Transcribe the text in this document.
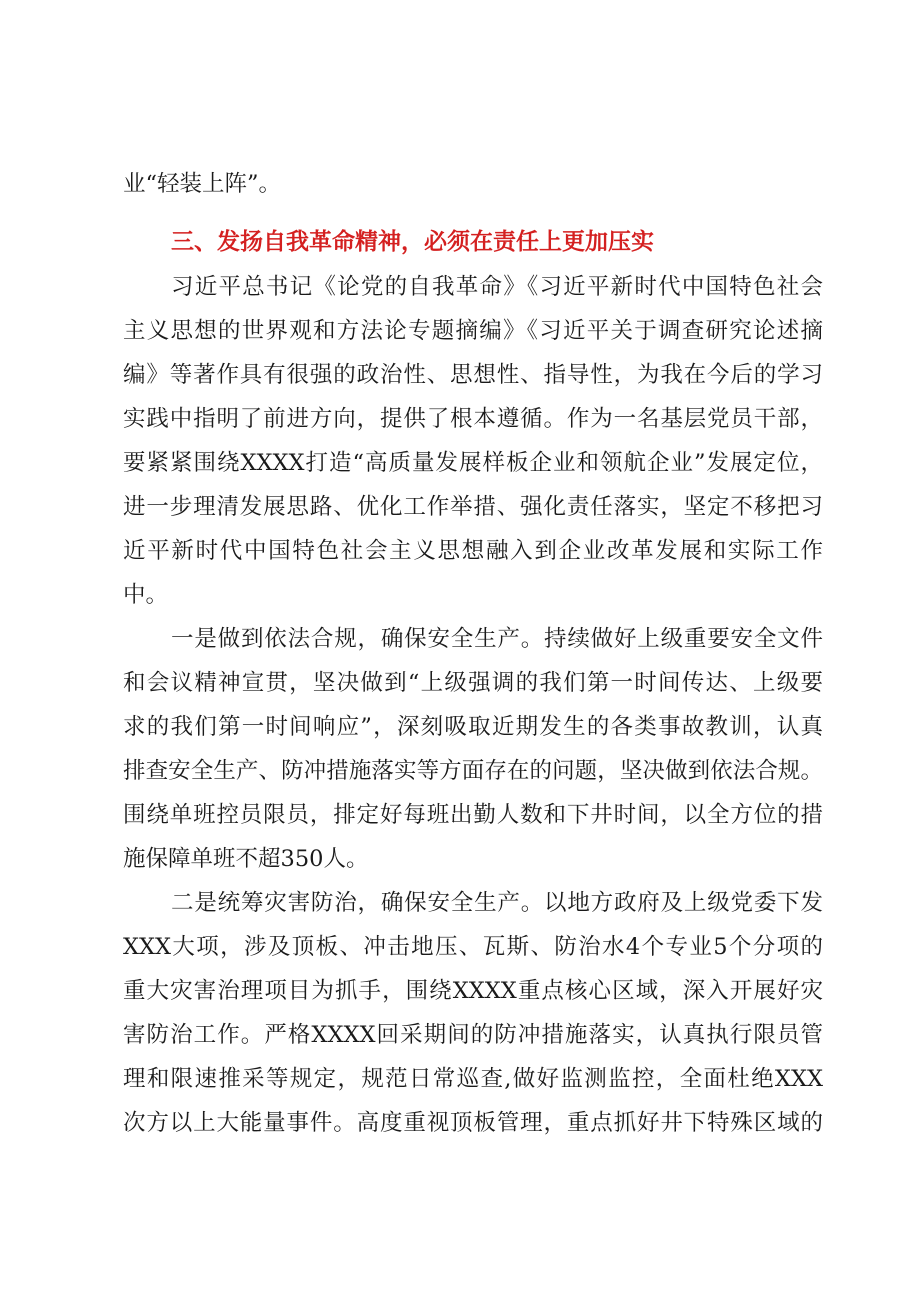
业“轻装上阵”。
三、发扬自我革命精神，必须在责任上更加压实
习近平总书记《论党的自我革命》《习近平新时代中国特色社会
主义思想的世界观和方法论专题摘编》《习近平关于调查研究论述摘
编》等著作具有很强的政治性、思想性、指导性，为我在今后的学习
实践中指明了前进方向，提供了根本遵循。作为一名基层党员干部，
要紧紧围绕XXXX打造“高质量发展样板企业和领航企业”发展定位，
进一步理清发展思路、优化工作举措、强化责任落实，坚定不移把习
近平新时代中国特色社会主义思想融入到企业改革发展和实际工作
中。
一是做到依法合规，确保安全生产。持续做好上级重要安全文件
和会议精神宣贯，坚决做到“上级强调的我们第一时间传达、上级要
求的我们第一时间响应”，深刻吸取近期发生的各类事故教训，认真
排查安全生产、防冲措施落实等方面存在的问题，坚决做到依法合规。
围绕单班控员限员，排定好每班出勤人数和下井时间，以全方位的措
施保障单班不超350人。
二是统筹灾害防治，确保安全生产。以地方政府及上级党委下发
XXX大项，涉及顶板、冲击地压、瓦斯、防治水4个专业5个分项的
重大灾害治理项目为抓手，围绕XXXX重点核心区域，深入开展好灾
害防治工作。严格XXXX回采期间的防冲措施落实，认真执行限员管
理和限速推采等规定，规范日常巡查,做好监测监控，全面杜绝XXX
次方以上大能量事件。高度重视顶板管理，重点抓好井下特殊区域的
